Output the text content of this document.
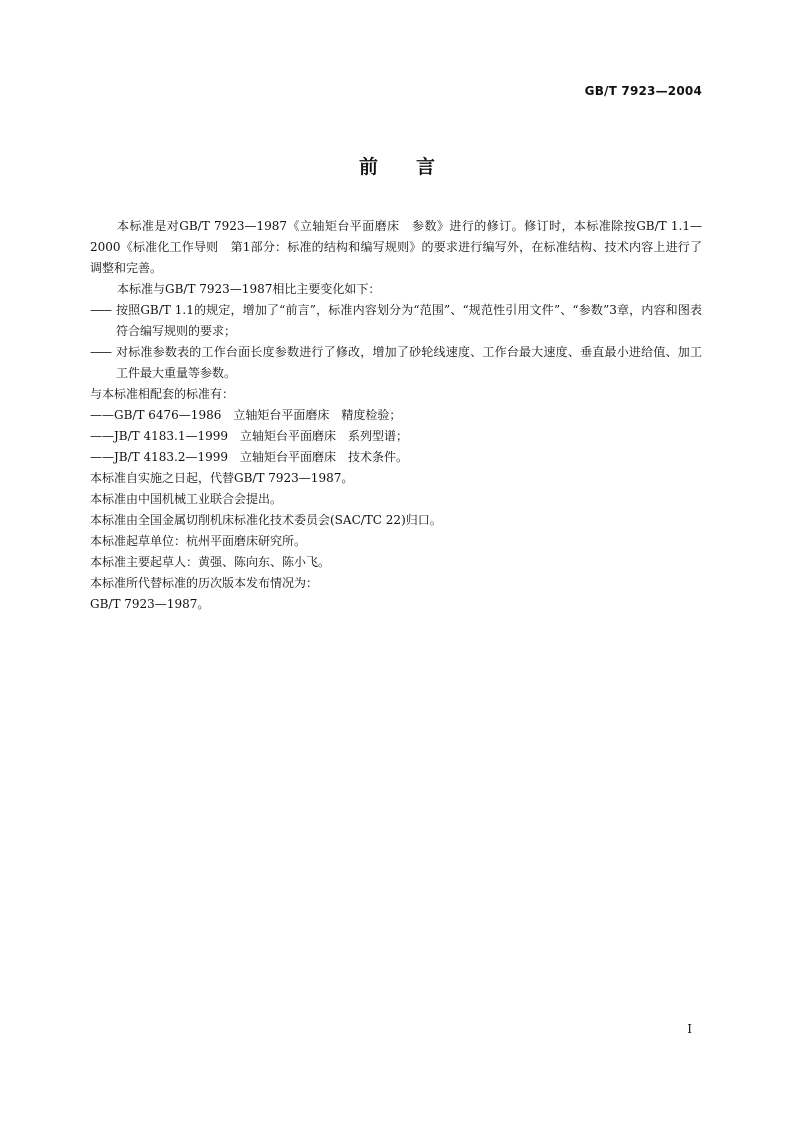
GB/T 7923—2004
前言

本标准是对GB/T 7923—1987《立轴矩台平面磨床　参数》进行的修订。修订时，本标准除按GB/T 1.1—2000《标准化工作导则　第1部分：标准的结构和编写规则》的要求进行编写外，在标准结构、技术内容上进行了调整和完善。

本标准与GB/T 7923—1987相比主要变化如下：

—— 按照GB/T 1.1的规定，增加了“前言”，标准内容划分为“范围”、“规范性引用文件”、“参数”3章，内容和图表符合编写规则的要求；
—— 对标准参数表的工作台面长度参数进行了修改，增加了砂轮线速度、工作台最大速度、垂直最小进给值、加工工件最大重量等参数。

与本标准相配套的标准有：

——GB/T 6476—1986　立轴矩台平面磨床　精度检验；

——JB/T 4183.1—1999　立轴矩台平面磨床　系列型谱；

——JB/T 4183.2—1999　立轴矩台平面磨床　技术条件。

本标准自实施之日起，代替GB/T 7923—1987。

本标准由中国机械工业联合会提出。

本标准由全国金属切削机床标准化技术委员会(SAC/TC 22)归口。

本标准起草单位：杭州平面磨床研究所。

本标准主要起草人：黄强、陈向东、陈小飞。

本标准所代替标准的历次版本发布情况为：

GB/T 7923—1987。

I
